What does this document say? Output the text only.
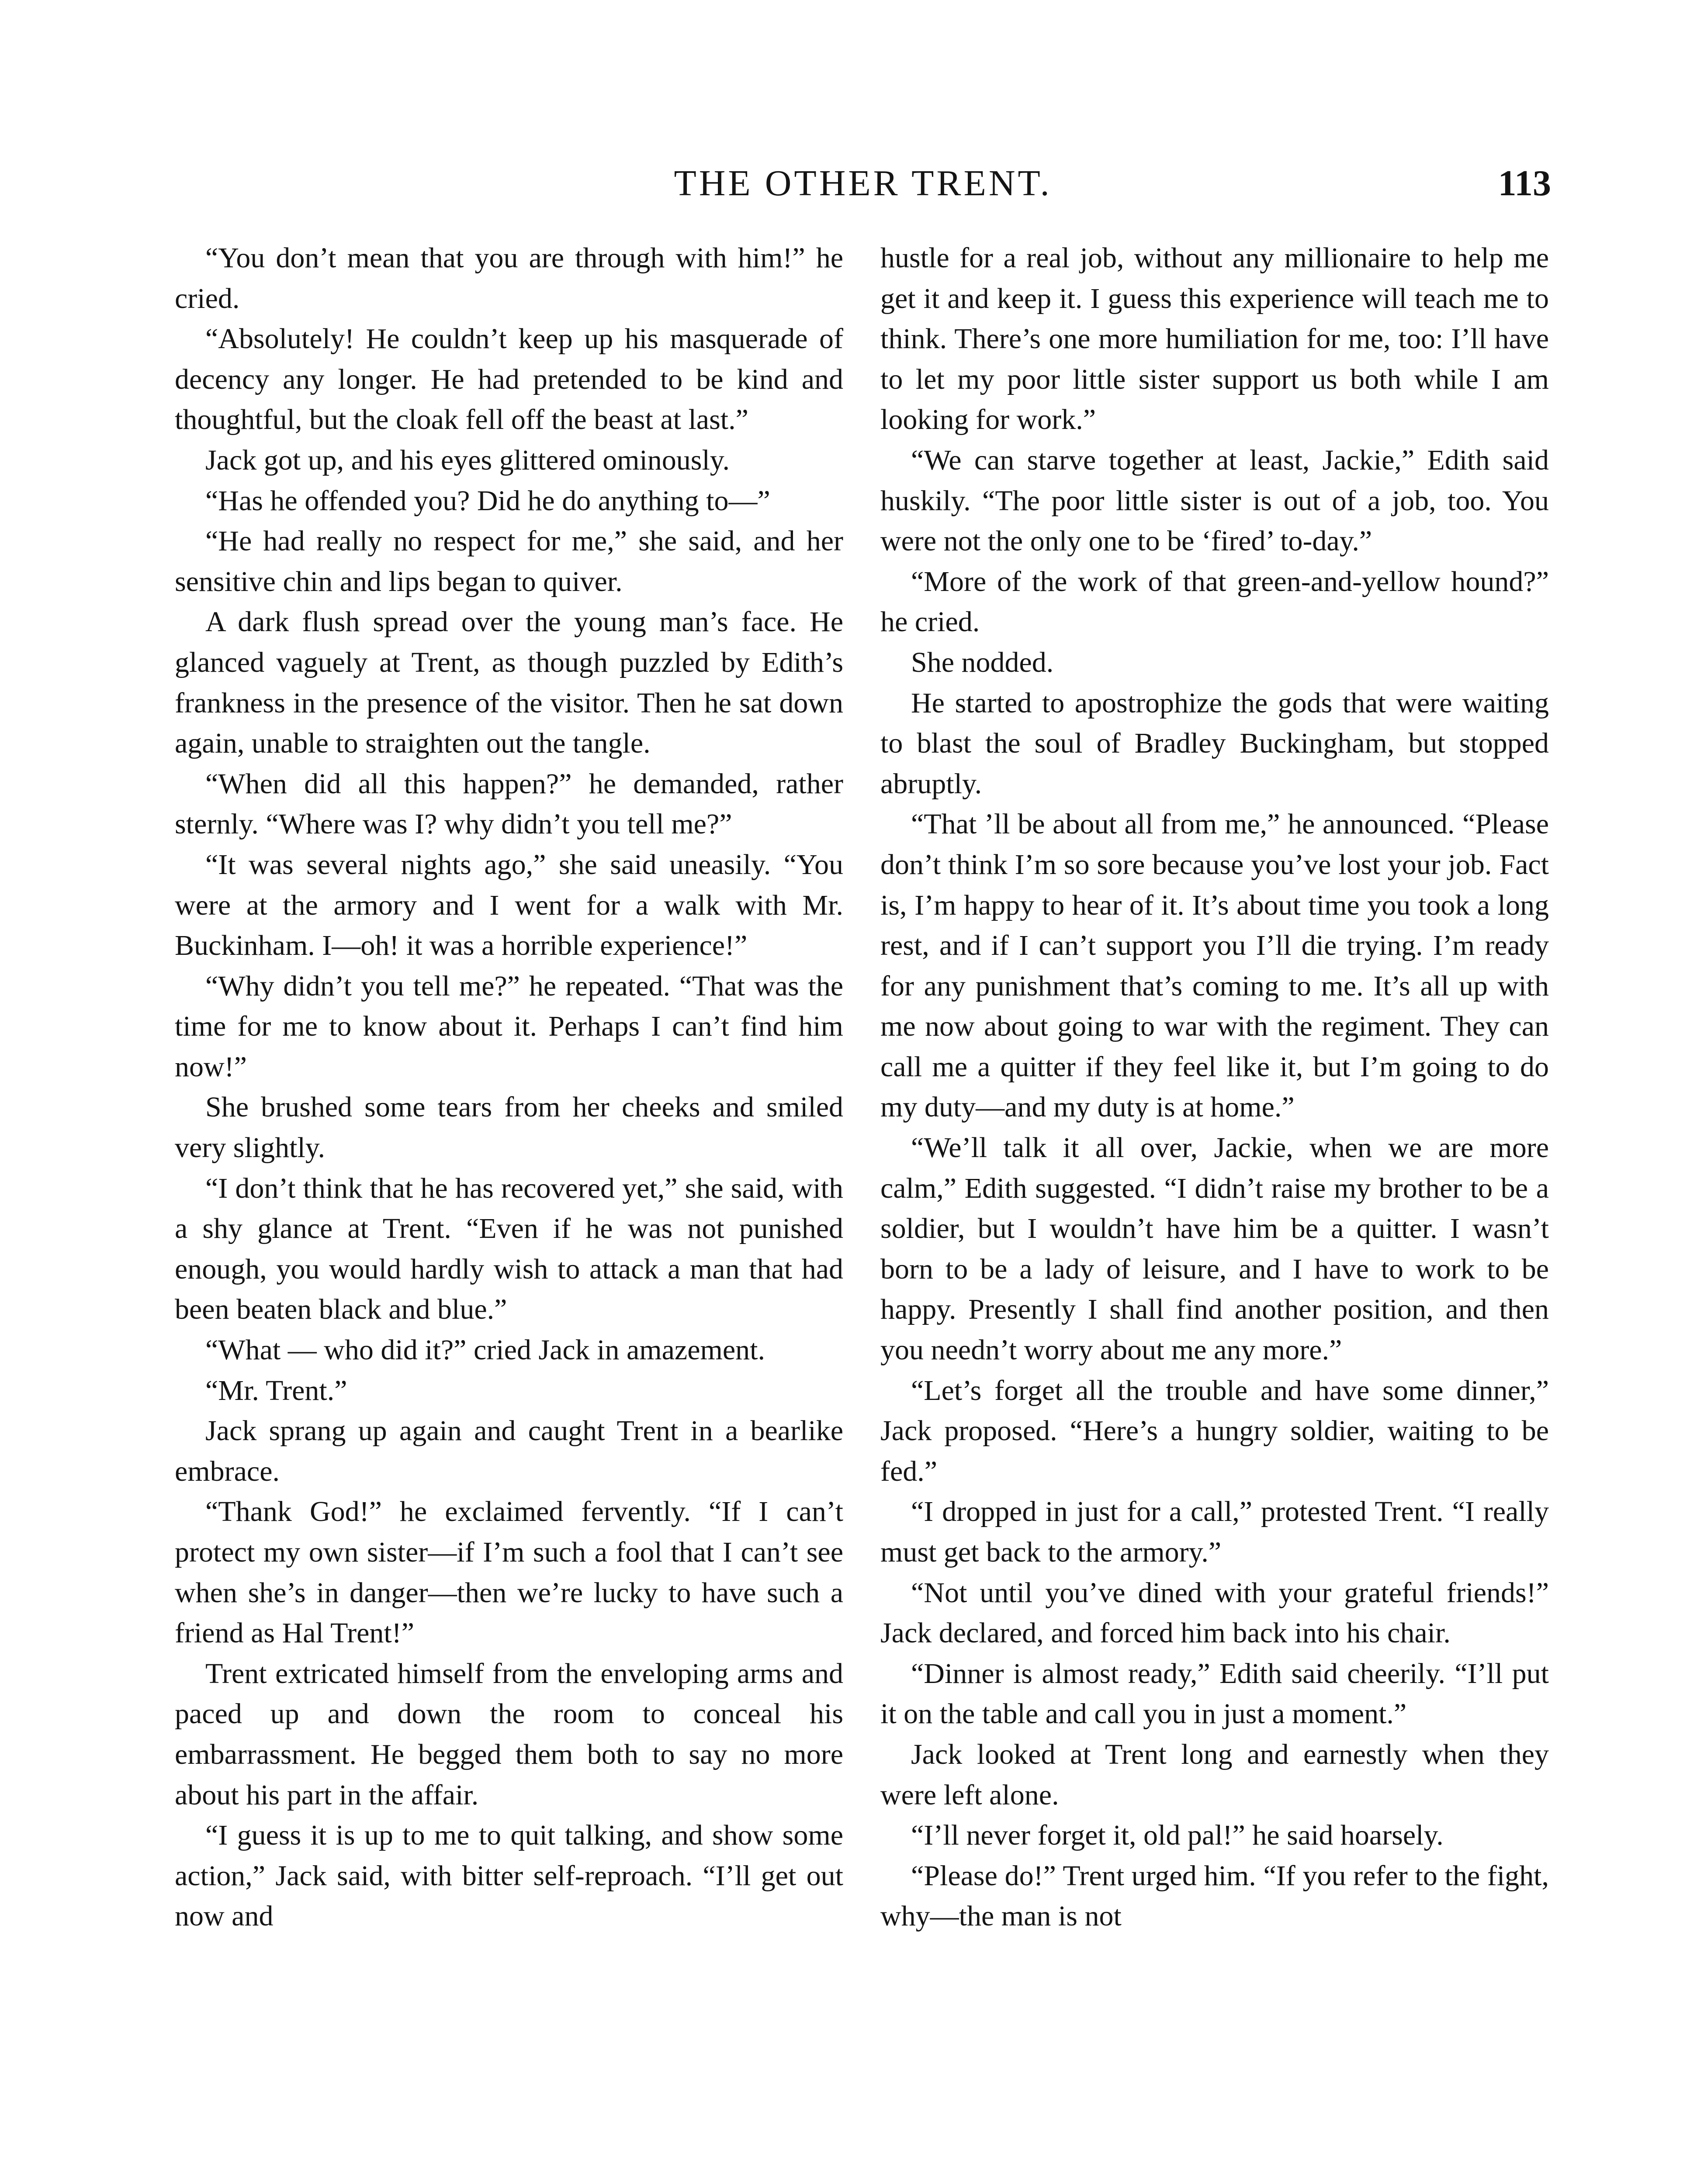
THE OTHER TRENT.	113

“You don’t mean that you are through with him!” he cried.

“Absolutely! He couldn’t keep up his masquerade of decency any longer. He had pretended to be kind and thoughtful, but the cloak fell off the beast at last.”

Jack got up, and his eyes glittered ominously.

“Has he offended you? Did he do anything to—”

“He had really no respect for me,” she said, and her sensitive chin and lips began to quiver.

A dark flush spread over the young man’s face. He glanced vaguely at Trent, as though puzzled by Edith’s frankness in the presence of the visitor. Then he sat down again, unable to straighten out the tangle.

“When did all this happen?” he demanded, rather sternly. “Where was I? why didn’t you tell me?”

“It was several nights ago,” she said uneasily. “You were at the armory and I went for a walk with Mr. Buckinham. I—oh! it was a horrible experience!”

“Why didn’t you tell me?” he repeated. “That was the time for me to know about it. Perhaps I can’t find him now!”

She brushed some tears from her cheeks and smiled very slightly.

“I don’t think that he has recovered yet,” she said, with a shy glance at Trent. “Even if he was not punished enough, you would hardly wish to attack a man that had been beaten black and blue.”

“What — who did it?” cried Jack in amazement.

“Mr. Trent.”

Jack sprang up again and caught Trent in a bearlike embrace.

“Thank God!” he exclaimed fervently. “If I can’t protect my own sister—if I’m such a fool that I can’t see when she’s in danger—then we’re lucky to have such a friend as Hal Trent!”

Trent extricated himself from the enveloping arms and paced up and down the room to conceal his embarrassment. He begged them both to say no more about his part in the affair.

“I guess it is up to me to quit talking, and show some action,” Jack said, with bitter self-reproach. “I’ll get out now and

hustle for a real job, without any millionaire to help me get it and keep it. I guess this experience will teach me to think. There’s one more humiliation for me, too: I’ll have to let my poor little sister support us both while I am looking for work.”

“We can starve together at least, Jackie,” Edith said huskily. “The poor little sister is out of a job, too. You were not the only one to be ‘fired’ to-day.”

“More of the work of that green-and-yellow hound?” he cried.

She nodded.

He started to apostrophize the gods that were waiting to blast the soul of Bradley Buckingham, but stopped abruptly.

“That ’ll be about all from me,” he announced. “Please don’t think I’m so sore because you’ve lost your job. Fact is, I’m happy to hear of it. It’s about time you took a long rest, and if I can’t support you I’ll die trying. I’m ready for any punishment that’s coming to me. It’s all up with me now about going to war with the regiment. They can call me a quitter if they feel like it, but I’m going to do my duty—and my duty is at home.”

“We’ll talk it all over, Jackie, when we are more calm,” Edith suggested. “I didn’t raise my brother to be a soldier, but I wouldn’t have him be a quitter. I wasn’t born to be a lady of leisure, and I have to work to be happy. Presently I shall find another position, and then you needn’t worry about me any more.”

“Let’s forget all the trouble and have some dinner,” Jack proposed. “Here’s a hungry soldier, waiting to be fed.”

“I dropped in just for a call,” protested Trent. “I really must get back to the armory.”

“Not until you’ve dined with your grateful friends!” Jack declared, and forced him back into his chair.

“Dinner is almost ready,” Edith said cheerily. “I’ll put it on the table and call you in just a moment.”

Jack looked at Trent long and earnestly when they were left alone.

“I’ll never forget it, old pal!” he said hoarsely.

“Please do!” Trent urged him. “If you refer to the fight, why—the man is not
